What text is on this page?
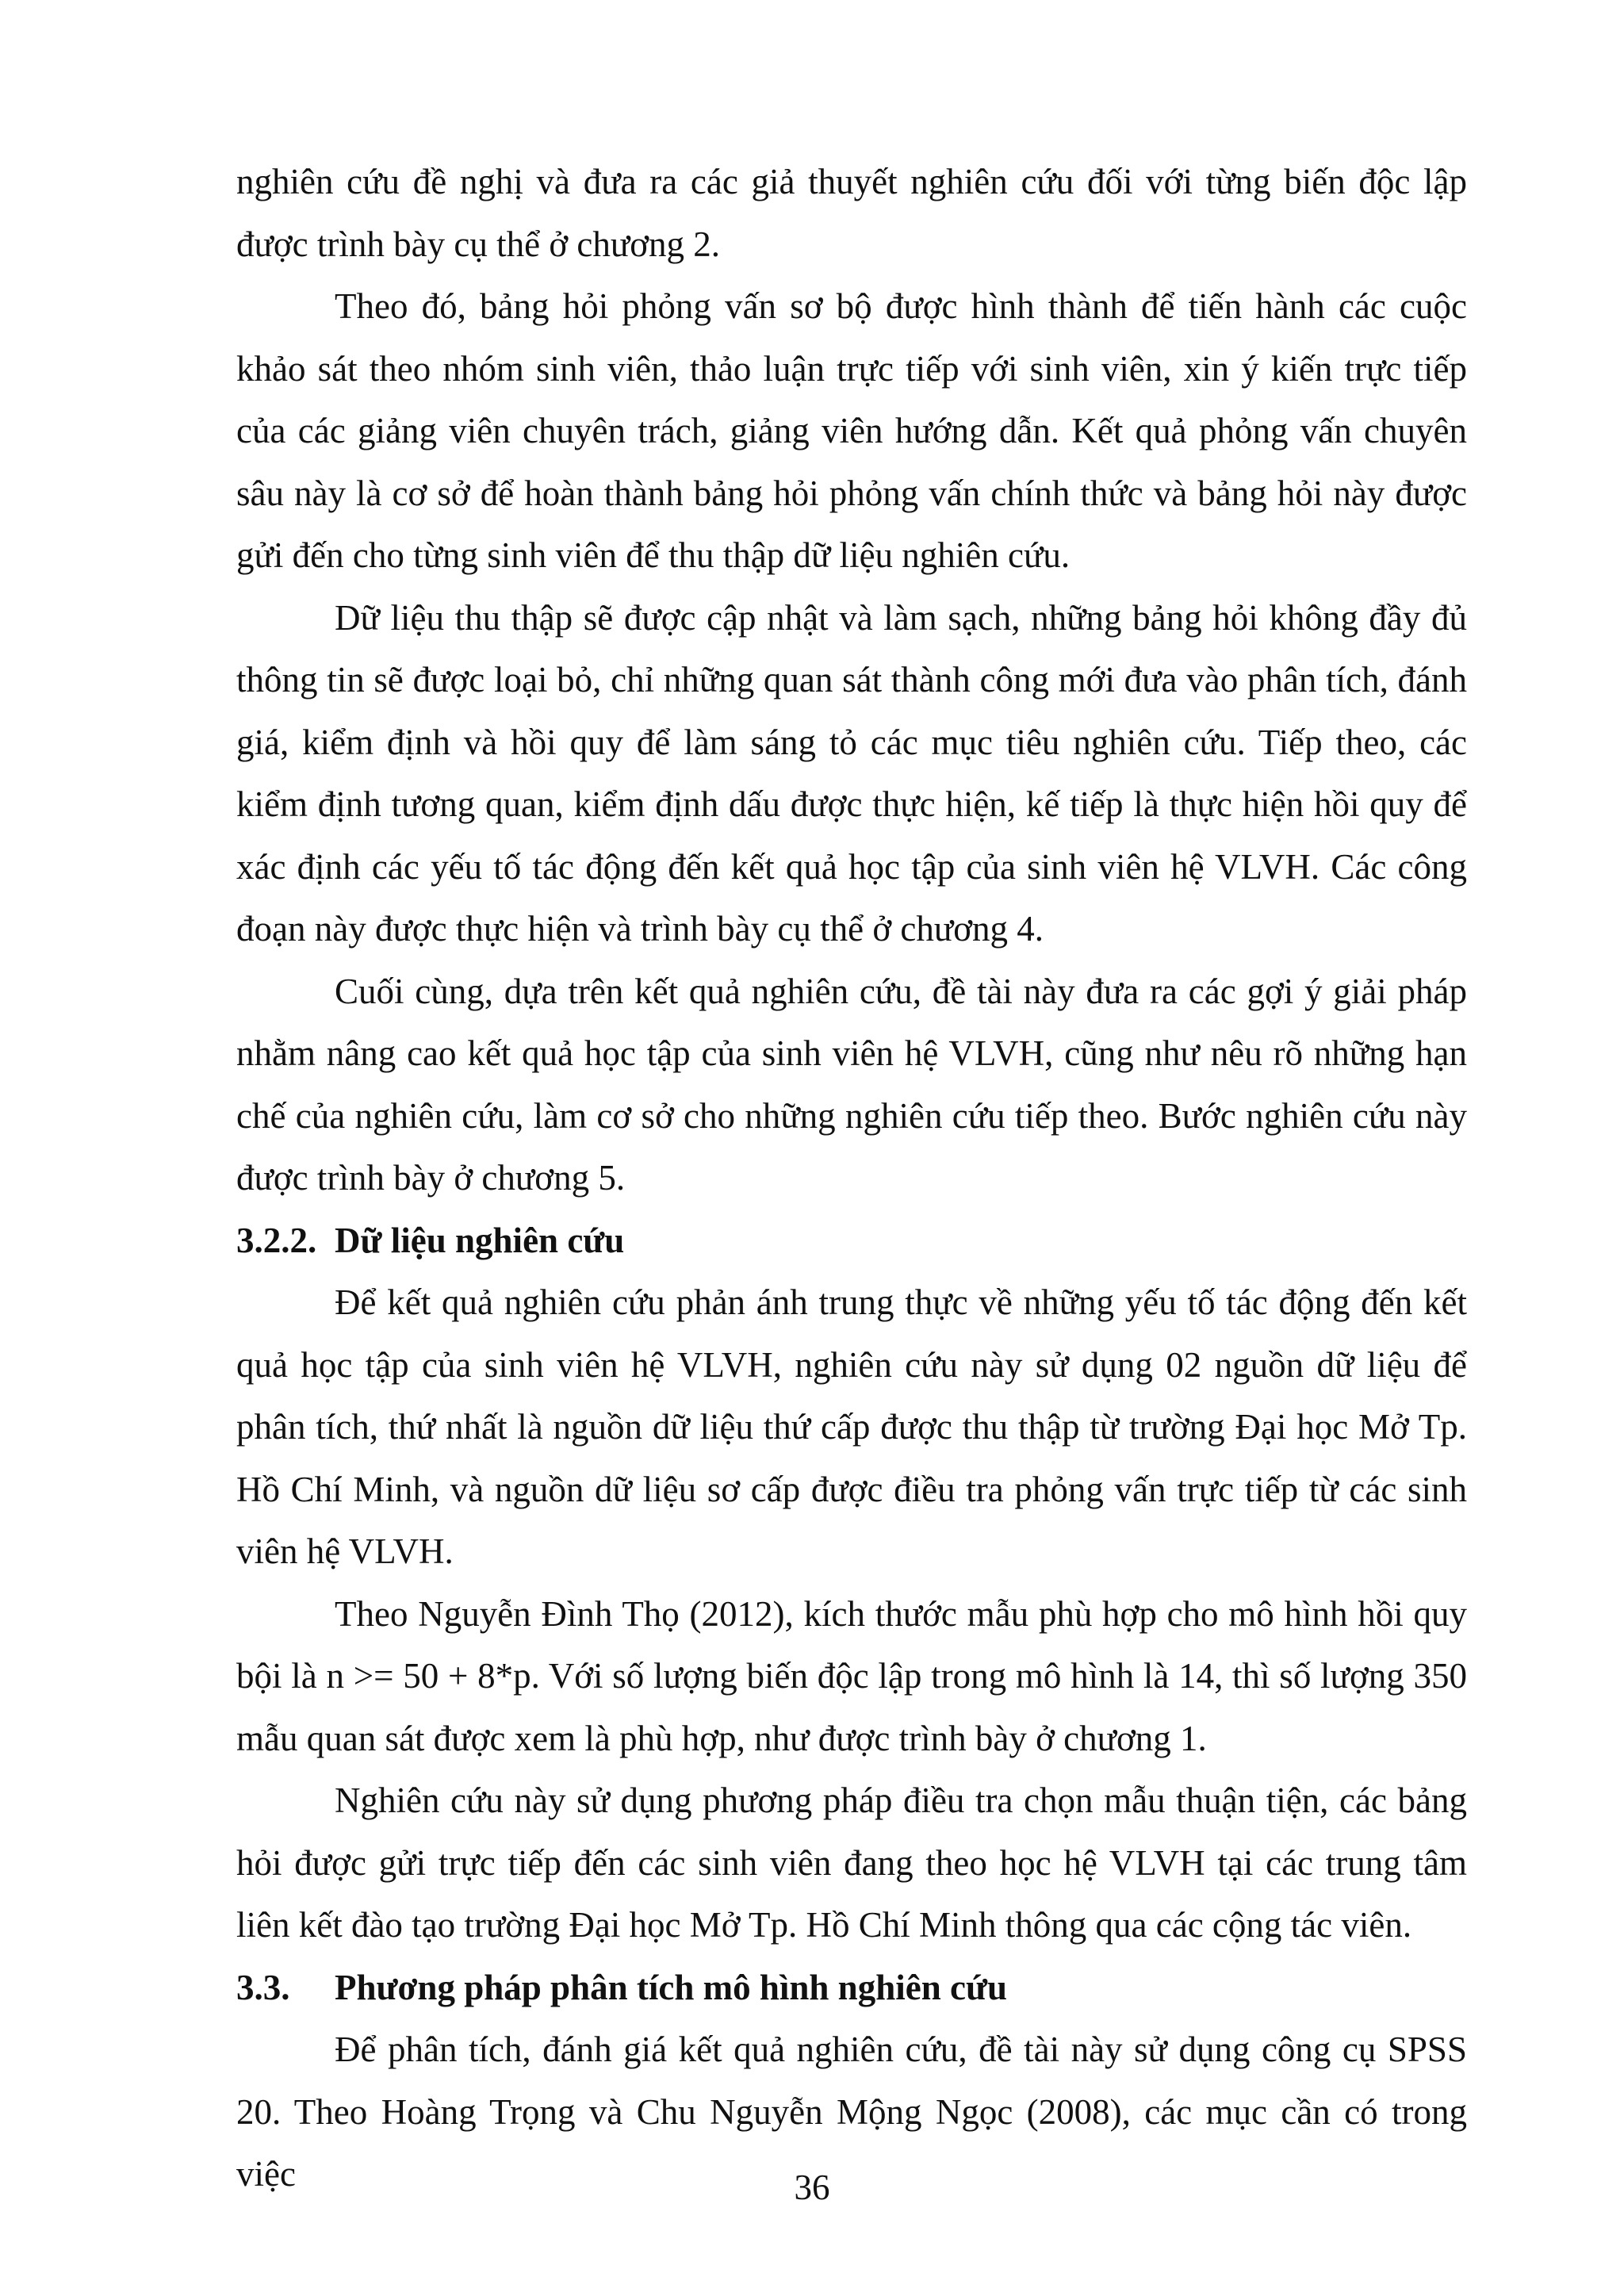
nghiên cứu đề nghị và đưa ra các giả thuyết nghiên cứu đối với từng biến độc lập được trình bày cụ thể ở chương 2.

Theo đó, bảng hỏi phỏng vấn sơ bộ được hình thành để tiến hành các cuộc khảo sát theo nhóm sinh viên, thảo luận trực tiếp với sinh viên, xin ý kiến trực tiếp của các giảng viên chuyên trách, giảng viên hướng dẫn. Kết quả phỏng vấn chuyên sâu này là cơ sở để hoàn thành bảng hỏi phỏng vấn chính thức và bảng hỏi này được gửi đến cho từng sinh viên để thu thập dữ liệu nghiên cứu.

Dữ liệu thu thập sẽ được cập nhật và làm sạch, những bảng hỏi không đầy đủ thông tin sẽ được loại bỏ, chỉ những quan sát thành công mới đưa vào phân tích, đánh giá, kiểm định và hồi quy để làm sáng tỏ các mục tiêu nghiên cứu. Tiếp theo, các kiểm định tương quan, kiểm định dấu được thực hiện, kế tiếp là thực hiện hồi quy để xác định các yếu tố tác động đến kết quả học tập của sinh viên hệ VLVH. Các công đoạn này được thực hiện và trình bày cụ thể ở chương 4.

Cuối cùng, dựa trên kết quả nghiên cứu, đề tài này đưa ra các gợi ý giải pháp nhằm nâng cao kết quả học tập của sinh viên hệ VLVH, cũng như nêu rõ những hạn chế của nghiên cứu, làm cơ sở cho những nghiên cứu tiếp theo. Bước nghiên cứu này được trình bày ở chương 5.

3.2.2. Dữ liệu nghiên cứu

Để kết quả nghiên cứu phản ánh trung thực về những yếu tố tác động đến kết quả học tập của sinh viên hệ VLVH, nghiên cứu này sử dụng 02 nguồn dữ liệu để phân tích, thứ nhất là nguồn dữ liệu thứ cấp được thu thập từ trường Đại học Mở Tp. Hồ Chí Minh, và nguồn dữ liệu sơ cấp được điều tra phỏng vấn trực tiếp từ các sinh viên hệ VLVH.

Theo Nguyễn Đình Thọ (2012), kích thước mẫu phù hợp cho mô hình hồi quy bội là n >= 50 + 8*p. Với số lượng biến độc lập trong mô hình là 14, thì số lượng 350 mẫu quan sát được xem là phù hợp, như được trình bày ở chương 1.

Nghiên cứu này sử dụng phương pháp điều tra chọn mẫu thuận tiện, các bảng hỏi được gửi trực tiếp đến các sinh viên đang theo học hệ VLVH tại các trung tâm liên kết đào tạo trường Đại học Mở Tp. Hồ Chí Minh thông qua các cộng tác viên.

3.3.	Phương pháp phân tích mô hình nghiên cứu

Để phân tích, đánh giá kết quả nghiên cứu, đề tài này sử dụng công cụ SPSS 20. Theo Hoàng Trọng và Chu Nguyễn Mộng Ngọc (2008), các mục cần có trong việc	36
